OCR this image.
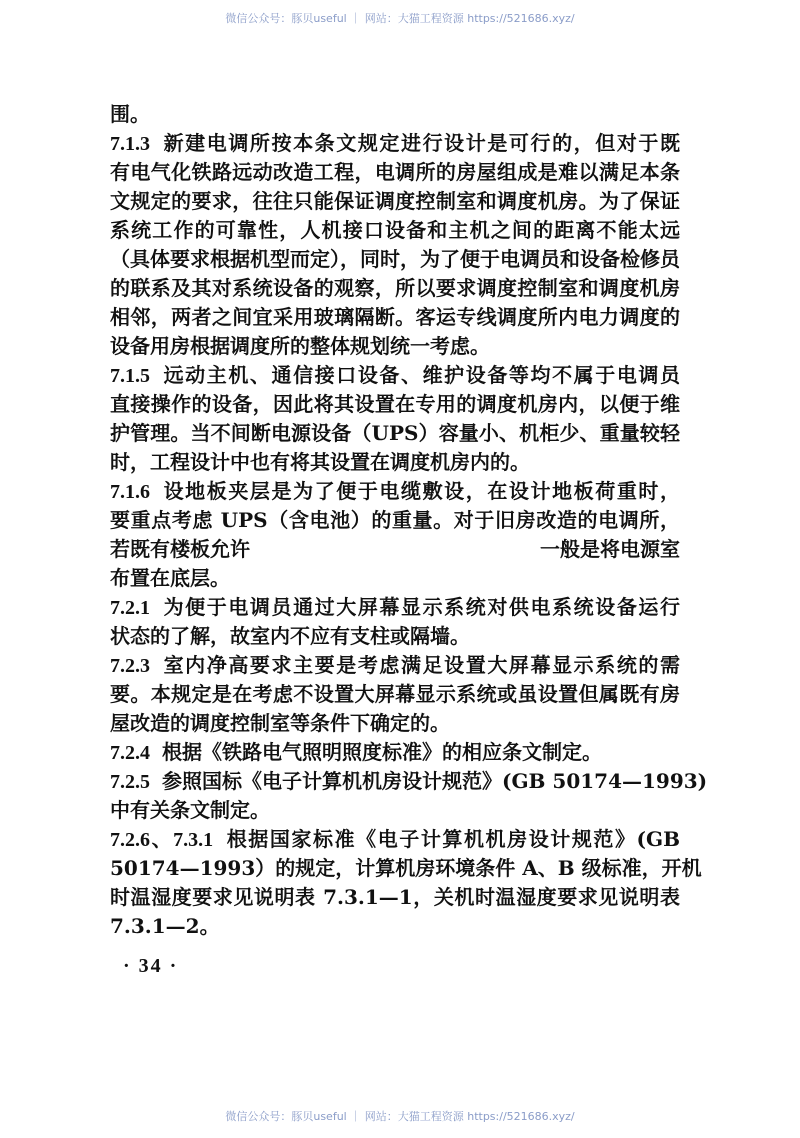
微信公众号：豚贝useful ｜ 网站：大猫工程资源 https://521686.xyz/
围。
7.1.3 新建电调所按本条文规定进行设计是可行的，但对于既
有电气化铁路远动改造工程，电调所的房屋组成是难以满足本条
文规定的要求，往往只能保证调度控制室和调度机房。为了保证
系统工作的可靠性，人机接口设备和主机之间的距离不能太远
（具体要求根据机型而定），同时，为了便于电调员和设备检修员
的联系及其对系统设备的观察，所以要求调度控制室和调度机房
相邻，两者之间宜采用玻璃隔断。客运专线调度所内电力调度的
设备用房根据调度所的整体规划统一考虑。
7.1.5 远动主机、通信接口设备、维护设备等均不属于电调员
直接操作的设备，因此将其设置在专用的调度机房内，以便于维
护管理。当不间断电源设备（UPS）容量小、机柜少、重量较轻
时，工程设计中也有将其设置在调度机房内的。
7.1.6 设地板夹层是为了便于电缆敷设，在设计地板荷重时，
要重点考虑 UPS（含电池）的重量。对于旧房改造的电调所，
若既有楼板允许	一般是将电源室
布置在底层。
7.2.1 为便于电调员通过大屏幕显示系统对供电系统设备运行
状态的了解，故室内不应有支柱或隔墙。
7.2.3 室内净高要求主要是考虑满足设置大屏幕显示系统的需
要。本规定是在考虑不设置大屏幕显示系统或虽设置但属既有房
屋改造的调度控制室等条件下确定的。
7.2.4 根据《铁路电气照明照度标准》的相应条文制定。
7.2.5 参照国标《电子计算机机房设计规范》(GB 50174—1993)
中有关条文制定。
7.2.6、7.3.1 根据国家标准《电子计算机机房设计规范》(GB
50174—1993）的规定，计算机房环境条件 A、B 级标准，开机
时温湿度要求见说明表 7.3.1—1，关机时温湿度要求见说明表
7.3.1—2。
· 34 ·
微信公众号：豚贝useful ｜ 网站：大猫工程资源 https://521686.xyz/
